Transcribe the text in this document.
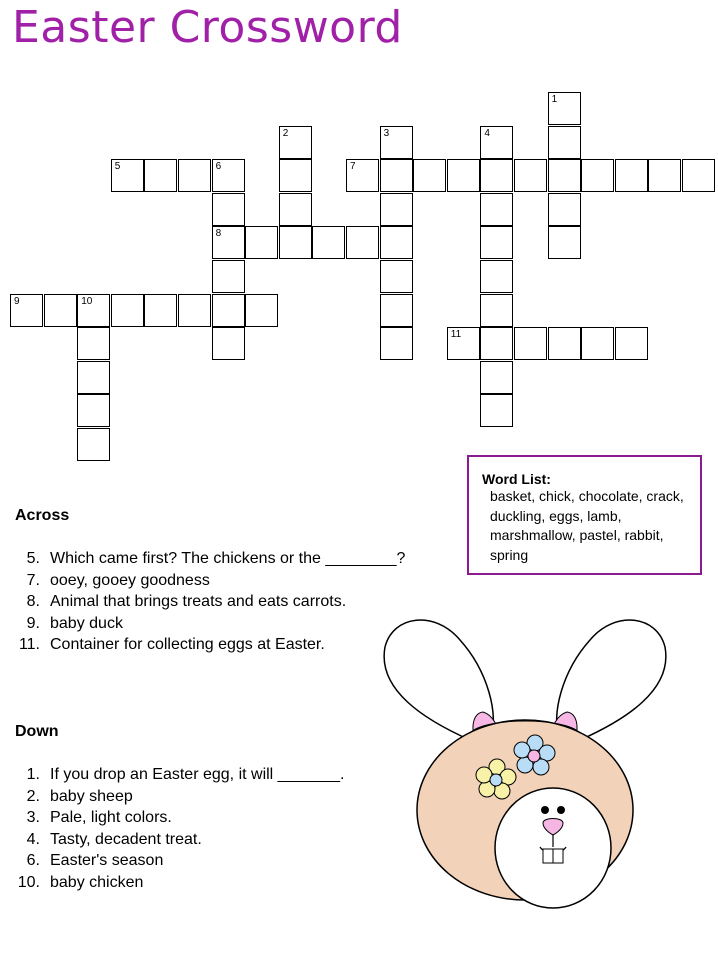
Easter Crossword
5	6	7
8
9	10
11
1
2	3	4
Across
5. Which came first? The chickens or the ________?
7. ooey, gooey goodness
8. Animal that brings treats and eats carrots.
9. baby duck
11. Container for collecting eggs at Easter.
Down
1. If you drop an Easter egg, it will _______.
2. baby sheep
3. Pale, light colors.
4. Tasty, decadent treat.
6. Easter's season
10. baby chicken
Word List:
basket, chick, chocolate, crack, duckling, eggs, lamb, marshmallow, pastel, rabbit, spring
